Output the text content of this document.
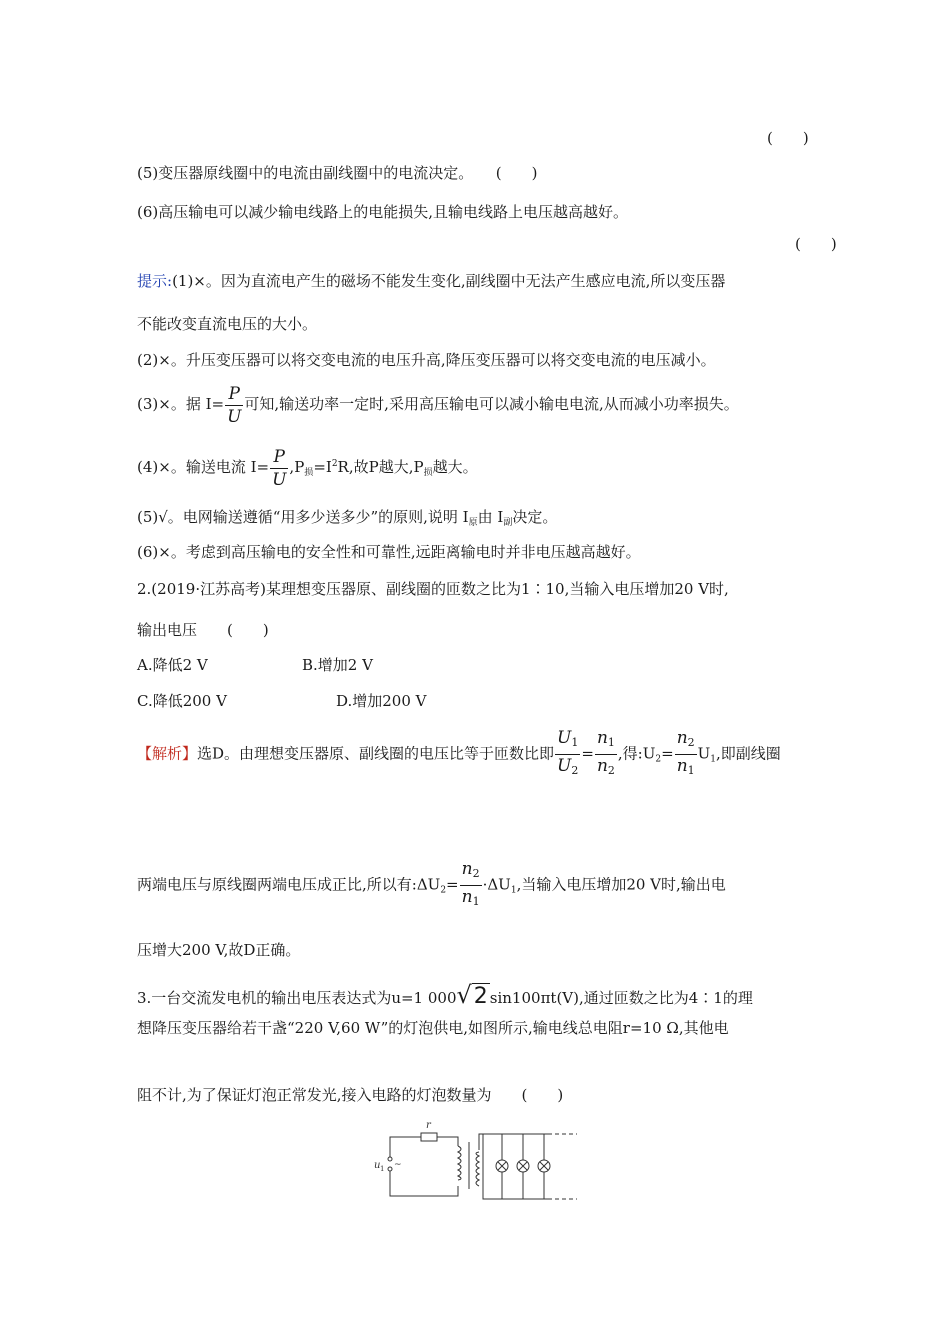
(　　)
(5)变压器原线圈中的电流由副线圈中的电流决定。　　(　　)
(6)高压输电可以减少输电线路上的电能损失,且输电线路上电压越高越好。
(　　)
提示:(1)×。因为直流电产生的磁场不能发生变化,副线圈中无法产生感应电流,所以变压器
不能改变直流电压的大小。
(2)×。升压变压器可以将交变电流的电压升高,降压变压器可以将交变电流的电压减小。
(3)×。据 $I= \frac{P}{U}$ 可知,输送功率一定时,采用高压输电可以减小输电电流,从而减小功率损失。
(4)×。输送电流 $I= \frac{P}{U} ,P_损=I^2R$,故P越大$,P_损$越大。
(5)√。电网输送遵循“用多少送多少”的原则,说明 $I_原$由 $I_副$决定。
(6)×。考虑到高压输电的安全性和可靠性,远距离输电时并非电压越高越好。
2.(2019·江苏高考)某理想变压器原、副线圈的匝数之比为1∶10,当输入电压增加20 V时,
输出电压　　(　　)
A.降低2 V	B.增加2 V
C.降低200 V	D.增加200 V
【解析】选D。由理想变压器原、副线圈的电压比等于匝数比即 $\frac{U1}{U2} = \frac{n1}{n2}$ ,得$:U_2= \frac{n2}{n1} U_1$,即副线圈
两端电压与原线圈两端电压成正比,所以有$:\Delta U_2= \frac{n2}{n1} \cdot\Delta U_1$,当输入电压增加20 V时,输出电
压增大200 V,故D正确。
3.一台交流发电机的输出电压表达式为u=1 000√2 sin100πt(V),通过匝数之比为4∶1的理
想降压变压器给若干盏“220 V,60 W”的灯泡供电,如图所示,输电线总电阻r=10 Ω,其他电
阻不计,为了保证灯泡正常发光,接入电路的灯泡数量为　　(　　)
r
u 1 ~
